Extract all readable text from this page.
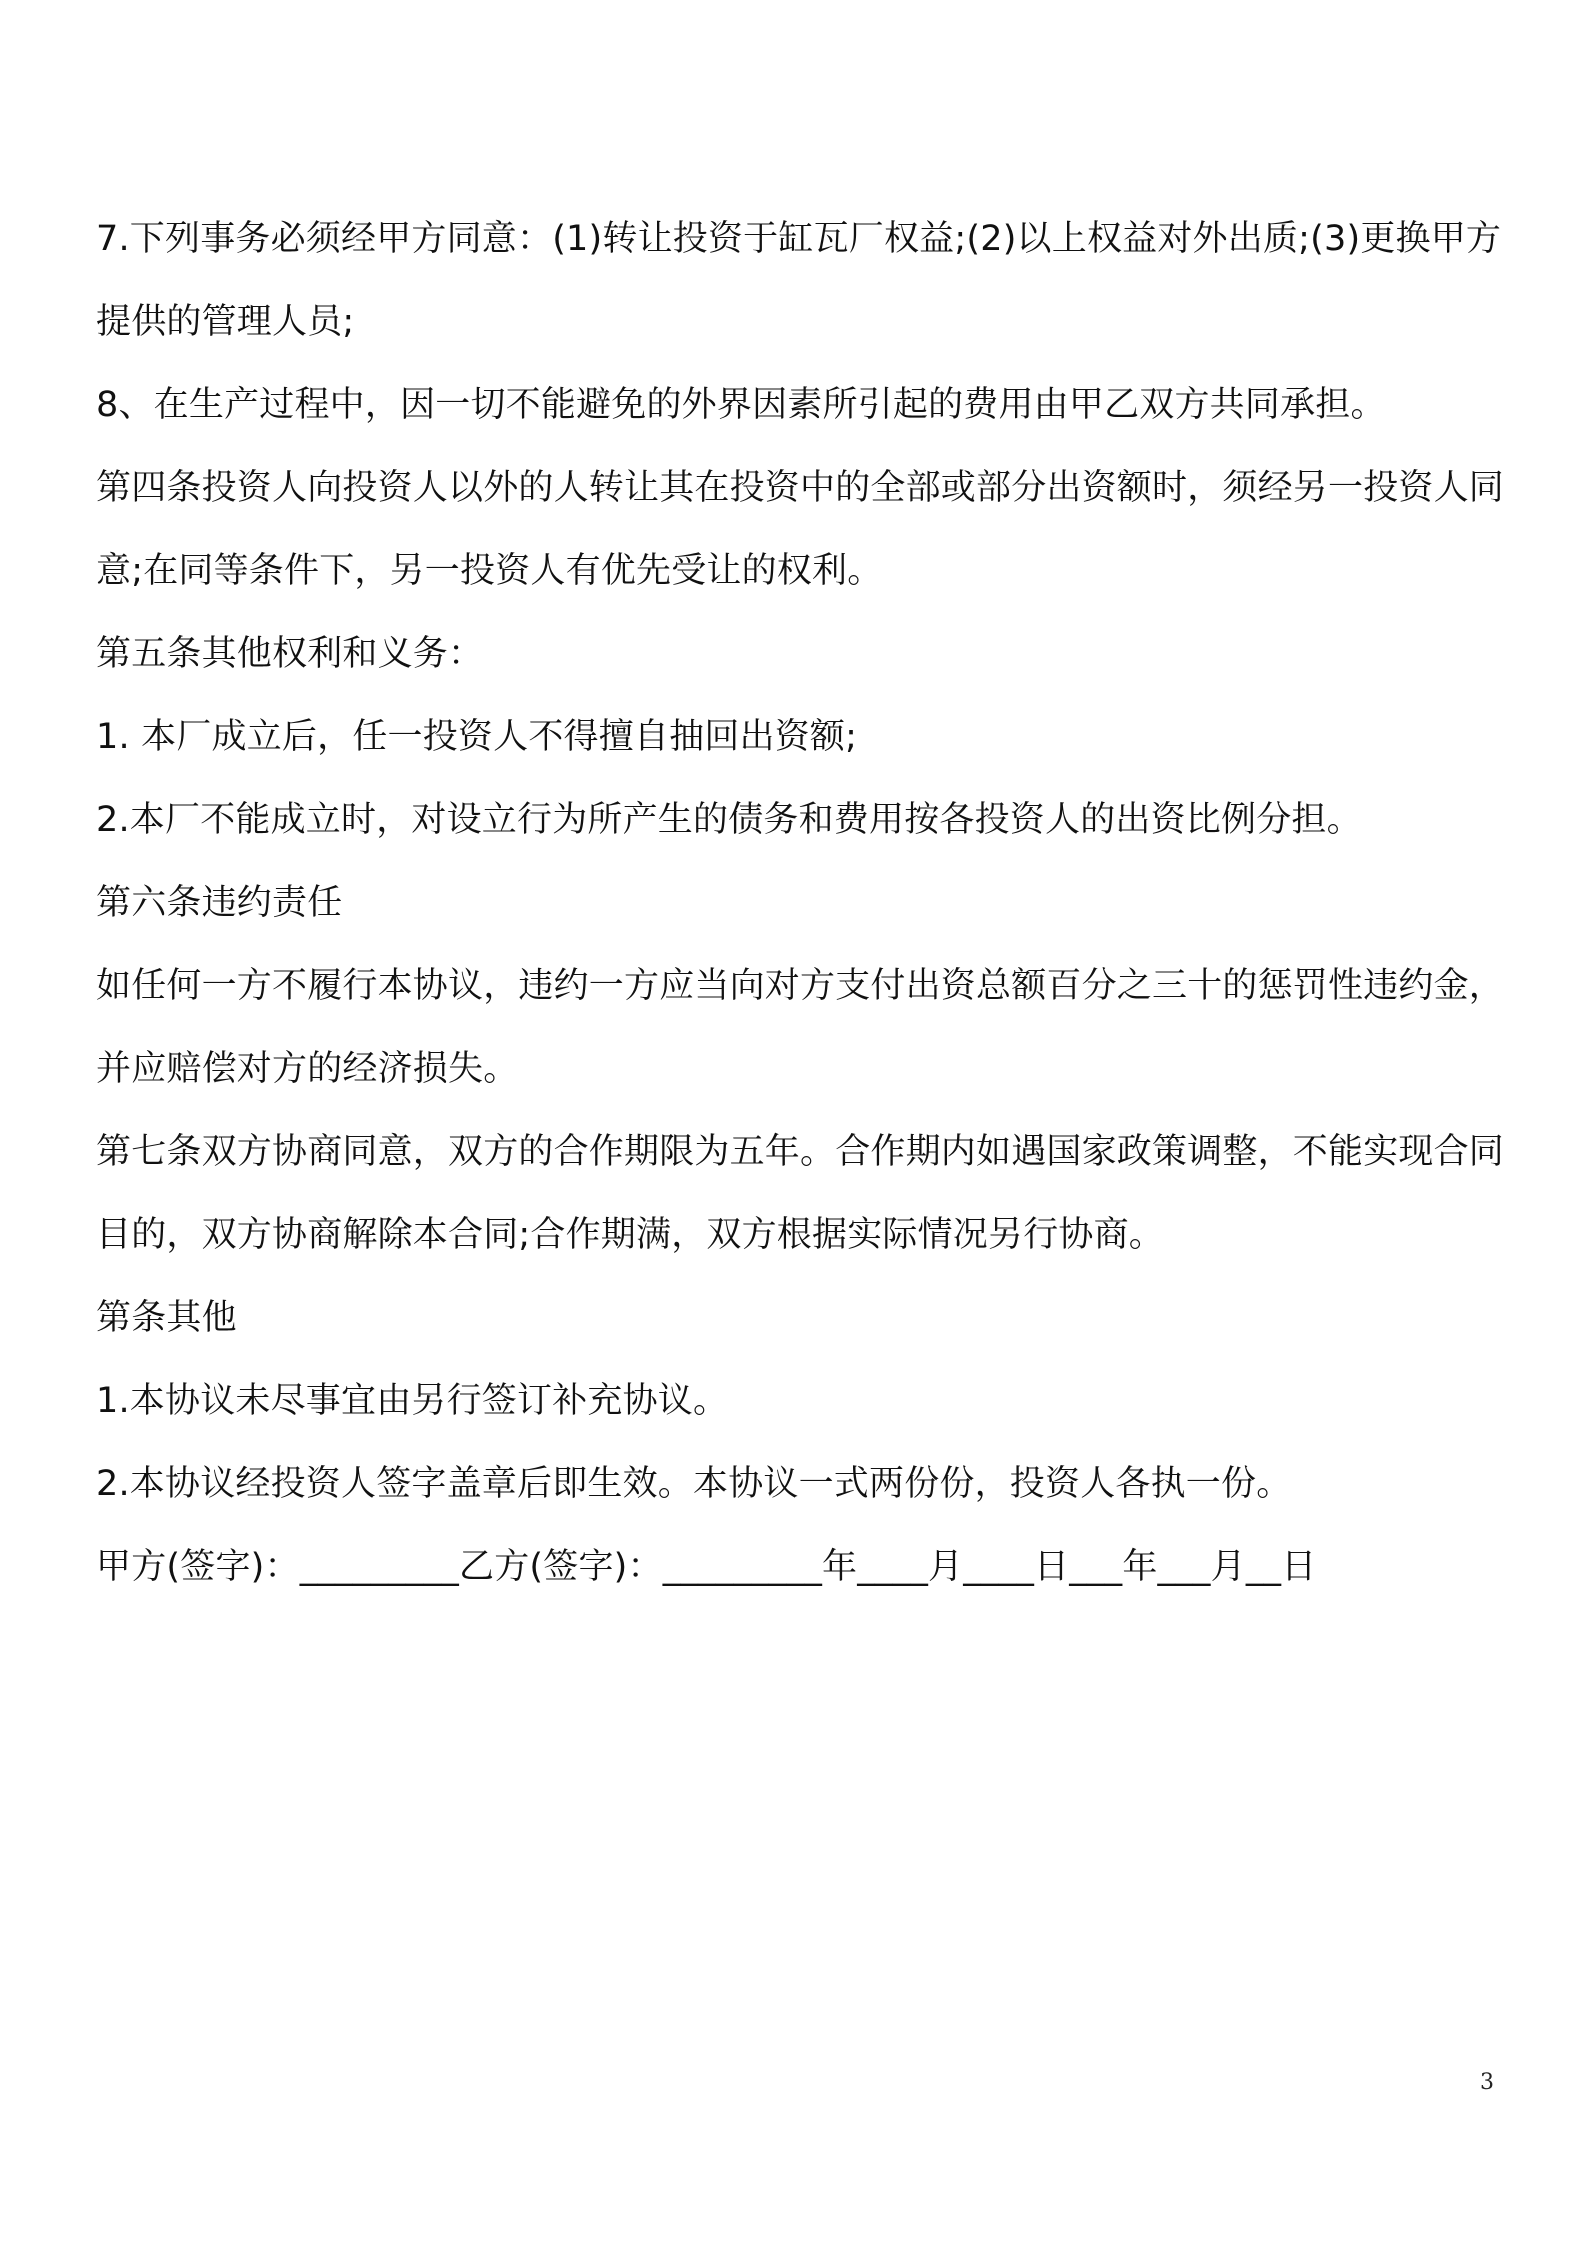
7.下列事务必须经甲方同意：(1)转让投资于缸瓦厂权益;(2)以上权益对外出质;(3)更换甲方提供的管理人员;

8、在生产过程中，因一切不能避免的外界因素所引起的费用由甲乙双方共同承担。

第四条投资人向投资人以外的人转让其在投资中的全部或部分出资额时，须经另一投资人同意;在同等条件下，另一投资人有优先受让的权利。

第五条其他权利和义务：

1. 本厂成立后，任一投资人不得擅自抽回出资额;

2.本厂不能成立时，对设立行为所产生的债务和费用按各投资人的出资比例分担。

第六条违约责任

如任何一方不履行本协议，违约一方应当向对方支付出资总额百分之三十的惩罚性违约金，并应赔偿对方的经济损失。

第七条双方协商同意，双方的合作期限为五年。合作期内如遇国家政策调整，不能实现合同目的，双方协商解除本合同;合作期满，双方根据实际情况另行协商。

第条其他

1.本协议未尽事宜由另行签订补充协议。

2.本协议经投资人签字盖章后即生效。本协议一式两份份，投资人各执一份。

甲方(签字)：_________乙方(签字)：_________年____月____日___年___月__日

3
